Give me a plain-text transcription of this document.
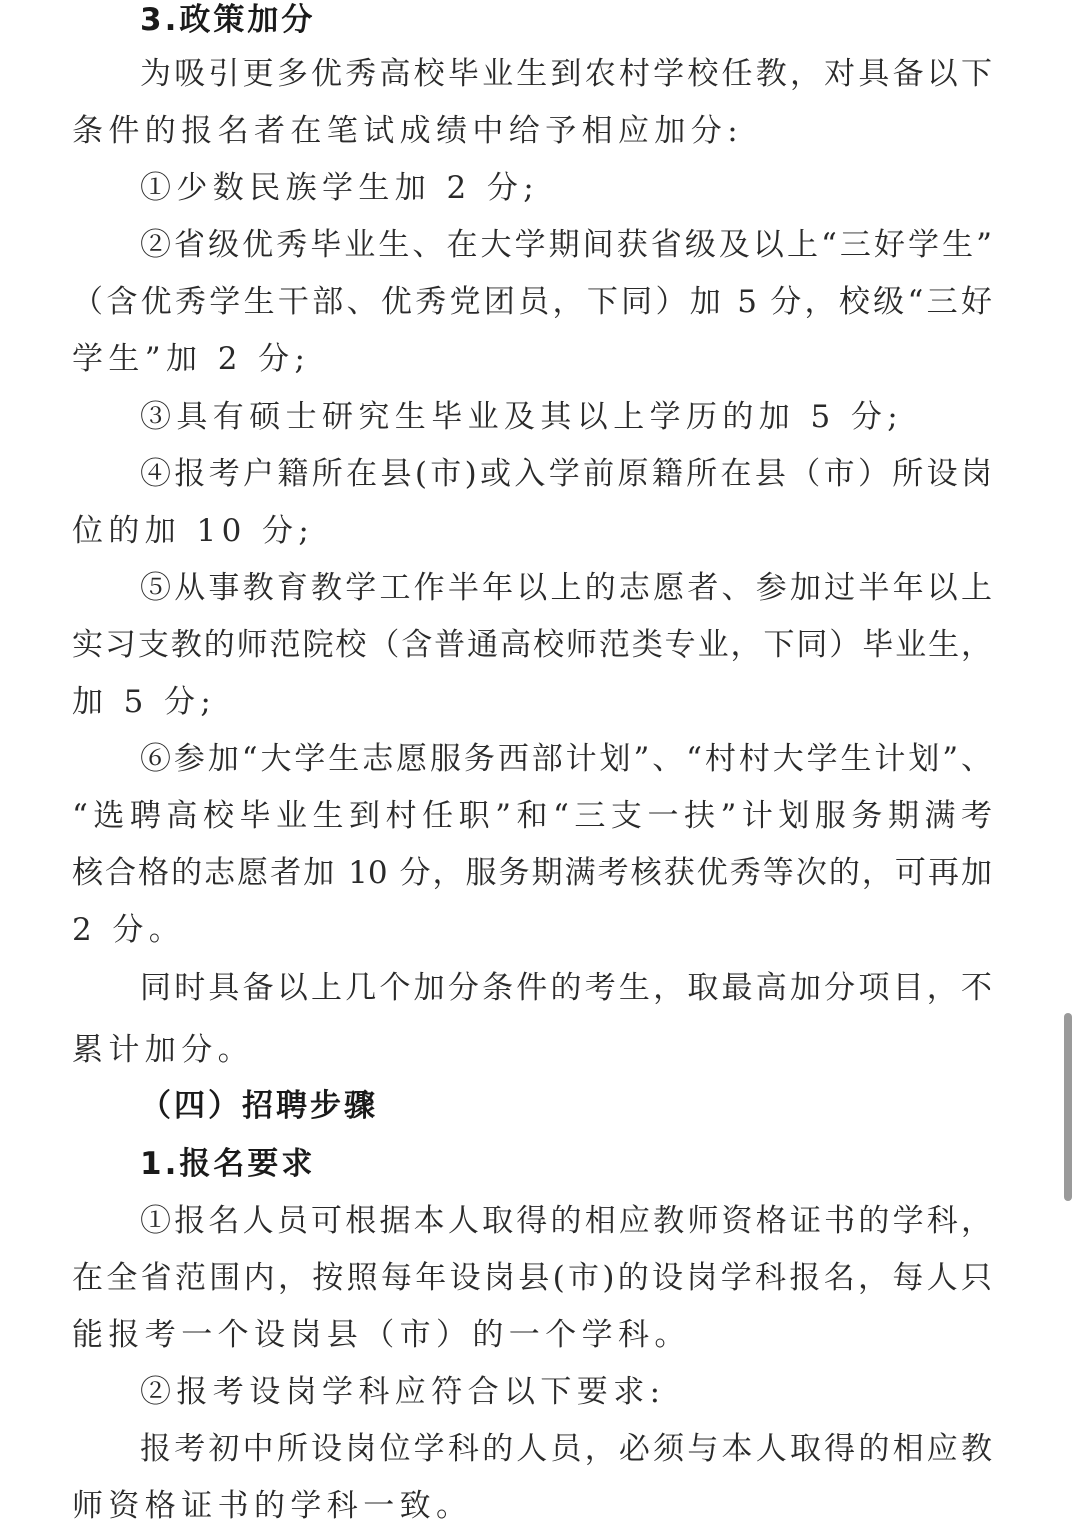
3.政策加分
为吸引更多优秀高校毕业生到农村学校任教，对具备以下
条件的报名者在笔试成绩中给予相应加分:
①少数民族学生加 2 分;
②省级优秀毕业生、在大学期间获省级及以上“三好学生”
（含优秀学生干部、优秀党团员，下同）加 5 分，校级“三好
学生”加 2 分;
③具有硕士研究生毕业及其以上学历的加 5 分;
④报考户籍所在县(市)或入学前原籍所在县（市）所设岗
位的加 10 分;
⑤从事教育教学工作半年以上的志愿者、参加过半年以上
实习支教的师范院校（含普通高校师范类专业，下同）毕业生，
加 5 分;
⑥参加“大学生志愿服务西部计划”、“村村大学生计划”、
“选聘高校毕业生到村任职”和“三支一扶”计划服务期满考
核合格的志愿者加 10 分，服务期满考核获优秀等次的，可再加
2 分。
同时具备以上几个加分条件的考生，取最高加分项目，不
累计加分。
（四）招聘步骤
1.报名要求
①报名人员可根据本人取得的相应教师资格证书的学科，
在全省范围内，按照每年设岗县(市)的设岗学科报名，每人只
能报考一个设岗县（市）的一个学科。
②报考设岗学科应符合以下要求:
报考初中所设岗位学科的人员，必须与本人取得的相应教
师资格证书的学科一致。
